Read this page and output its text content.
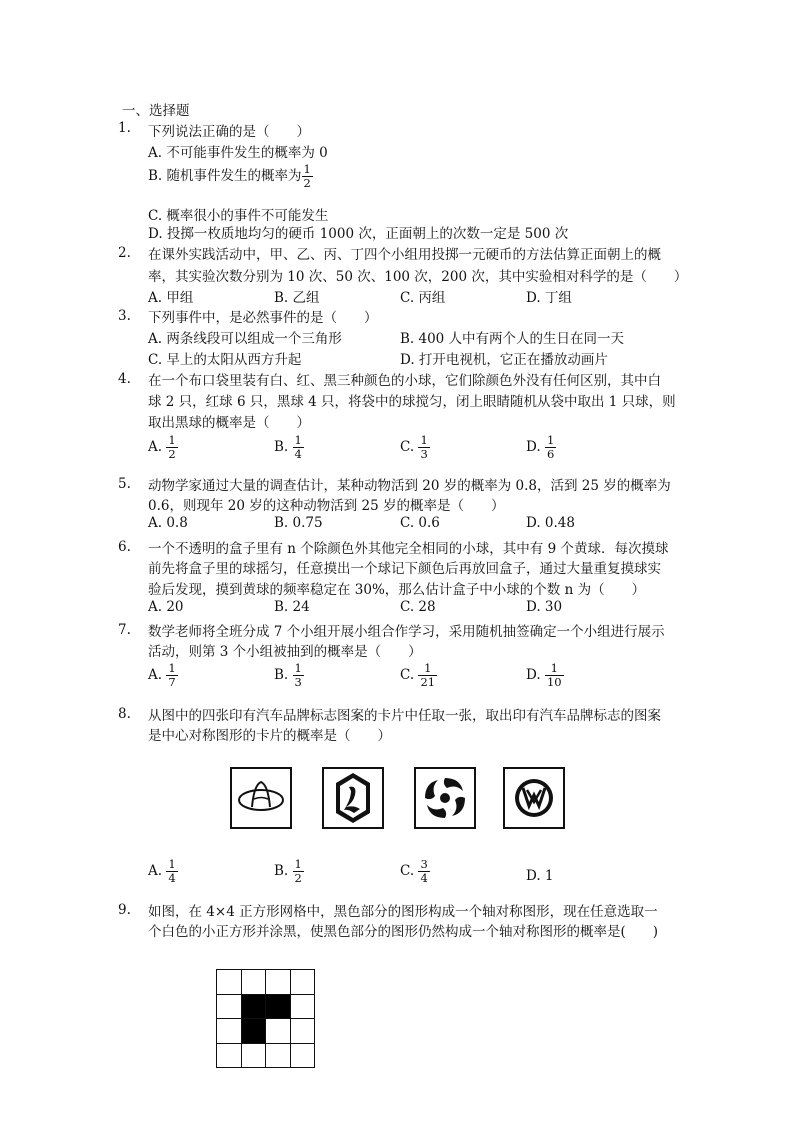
一、选择题
1. 下列说法正确的是（　　）
A. 不可能事件发生的概率为 0
B. 随机事件发生的概率为 $\frac{1}{2}$
C. 概率很小的事件不可能发生
D. 投掷一枚质地均匀的硬币 1000 次，正面朝上的次数一定是 500 次
2. 在课外实践活动中，甲、乙、丙、丁四个小组用投掷一元硬币的方法估算正面朝上的概
率，其实验次数分别为 10 次、50 次、100 次，200 次，其中实验相对科学的是（　　）
A. 甲组	B. 乙组	C. 丙组	D. 丁组
3. 下列事件中，是必然事件的是（　　）
A. 两条线段可以组成一个三角形	B. 400 人中有两个人的生日在同一天
C. 早上的太阳从西方升起	D. 打开电视机，它正在播放动画片
4. 在一个布口袋里装有白、红、黑三种颜色的小球，它们除颜色外没有任何区别，其中白
球 2 只，红球 6 只，黑球 4 只，将袋中的球搅匀，闭上眼睛随机从袋中取出 1 只球，则
取出黑球的概率是（　　）
A. $\frac{1}{2}$	B. $\frac{1}{4}$	C. $\frac{1}{3}$	D. $\frac{1}{6}$
5. 动物学家通过大量的调查估计，某种动物活到 20 岁的概率为 0.8，活到 25 岁的概率为
0.6，则现年 20 岁的这种动物活到 25 岁的概率是（　　）
A. 0.8	B. 0.75	C. 0.6	D. 0.48
6. 一个不透明的盒子里有 n 个除颜色外其他完全相同的小球，其中有 9 个黄球．每次摸球
前先将盒子里的球摇匀，任意摸出一个球记下颜色后再放回盒子，通过大量重复摸球实
验后发现，摸到黄球的频率稳定在 30%，那么估计盒子中小球的个数 n 为（　　）
A. 20	B. 24	C. 28	D. 30
7. 数学老师将全班分成 7 个小组开展小组合作学习，采用随机抽签确定一个小组进行展示
活动，则第 3 个小组被抽到的概率是（　　）
A. $\frac{1}{7}$	B. $\frac{1}{3}$	C. $\frac{1}{21}$	D. $\frac{1}{10}$
8. 从图中的四张印有汽车品牌标志图案的卡片中任取一张，取出印有汽车品牌标志的图案
是中心对称图形的卡片的概率是（　　）
A. $\frac{1}{4}$	B. $\frac{1}{2}$	C. $\frac{3}{4}$	D. 1
9. 如图，在 4×4 正方形网格中，黑色部分的图形构成一个轴对称图形，现在任意选取一
个白色的小正方形并涂黑，使黑色部分的图形仍然构成一个轴对称图形的概率是(　　)
